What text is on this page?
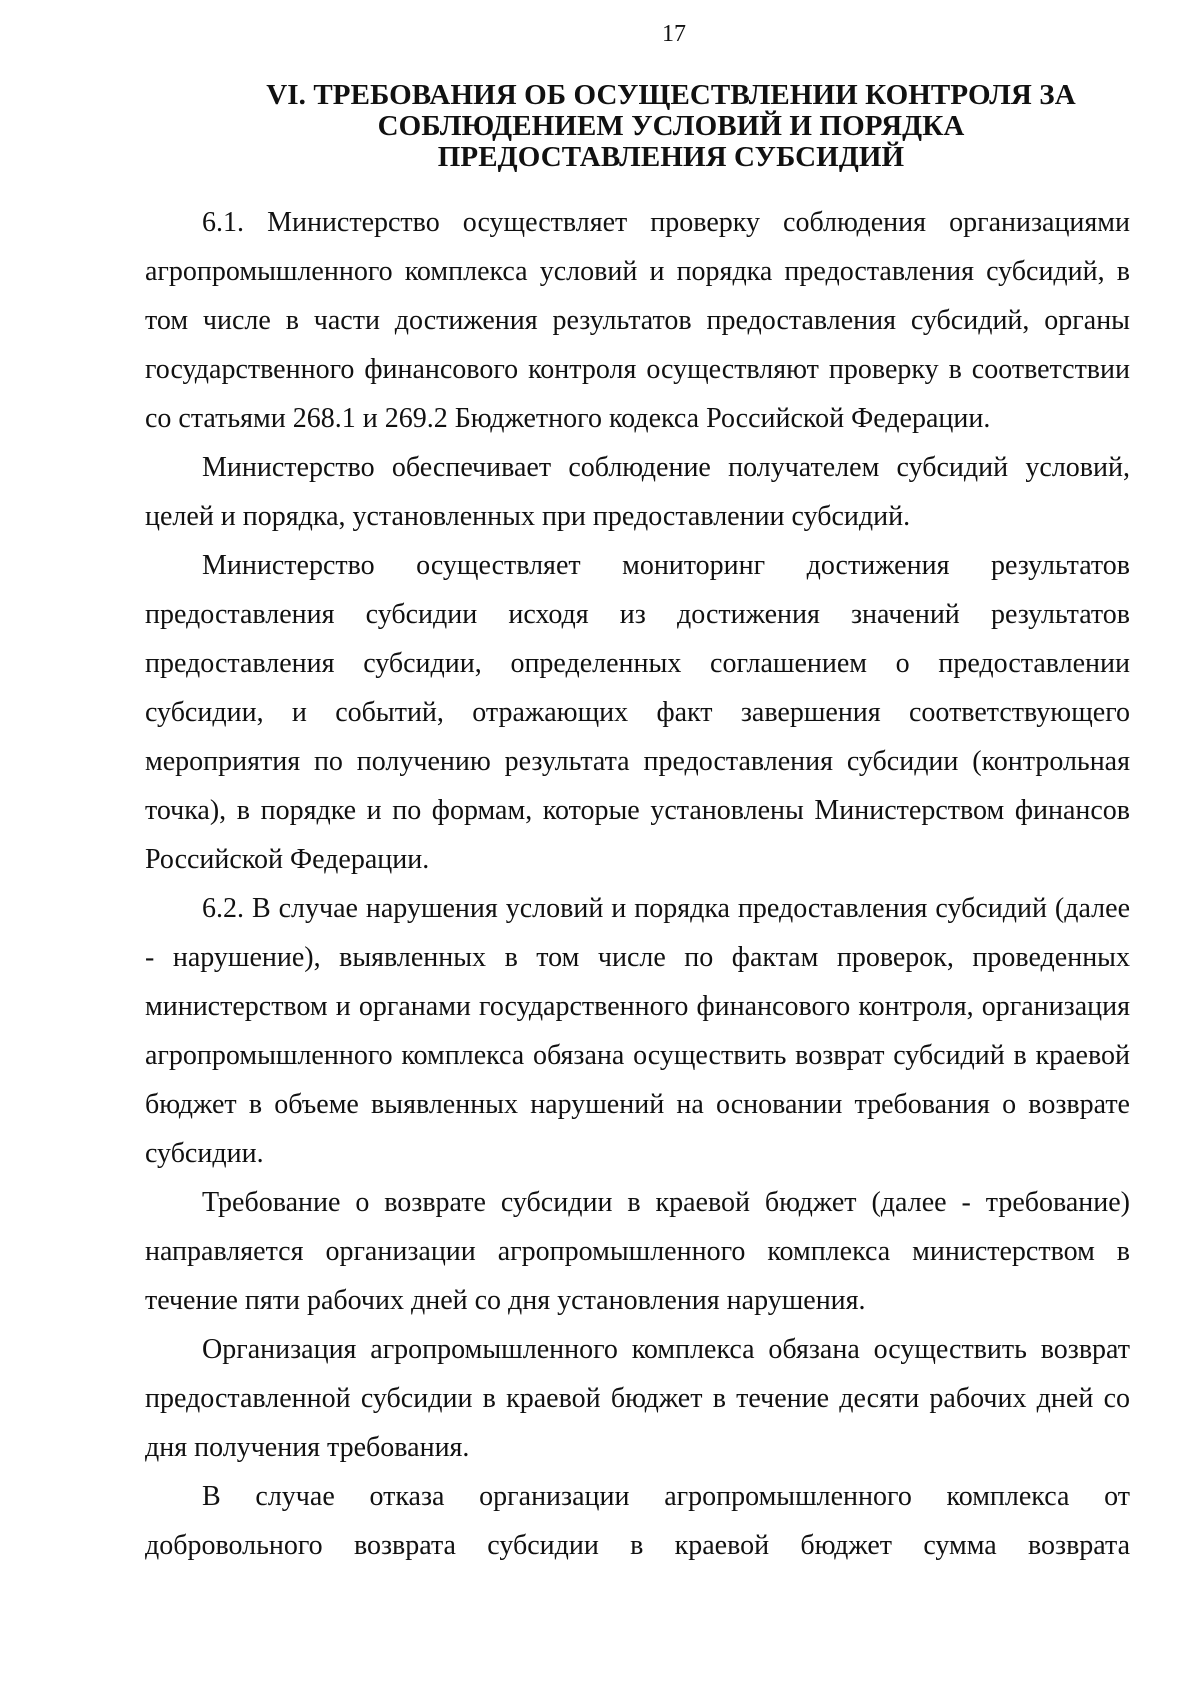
17
VI. ТРЕБОВАНИЯ ОБ ОСУЩЕСТВЛЕНИИ КОНТРОЛЯ ЗА
СОБЛЮДЕНИЕМ УСЛОВИЙ И ПОРЯДКА
ПРЕДОСТАВЛЕНИЯ СУБСИДИЙ

6.1. Министерство осуществляет проверку соблюдения организациями агропромышленного комплекса условий и порядка предоставления субсидий, в том числе в части достижения результатов предоставления субсидий, органы государственного финансового контроля осуществляют проверку в соответствии со статьями 268.1 и 269.2 Бюджетного кодекса Российской Федерации.

Министерство обеспечивает соблюдение получателем субсидий условий, целей и порядка, установленных при предоставлении субсидий.

Министерство осуществляет мониторинг достижения результатов предоставления субсидии исходя из достижения значений результатов предоставления субсидии, определенных соглашением о предоставлении субсидии, и событий, отражающих факт завершения соответствующего мероприятия по получению результата предоставления субсидии (контрольная точка), в порядке и по формам, которые установлены Министерством финансов Российской Федерации.

6.2. В случае нарушения условий и порядка предоставления субсидий (далее - нарушение), выявленных в том числе по фактам проверок, проведенных министерством и органами государственного финансового контроля, организация агропромышленного комплекса обязана осуществить возврат субсидий в краевой бюджет в объеме выявленных нарушений на основании требования о возврате субсидии.

Требование о возврате субсидии в краевой бюджет (далее - требование) направляется организации агропромышленного комплекса министерством в течение пяти рабочих дней со дня установления нарушения.

Организация агропромышленного комплекса обязана осуществить возврат предоставленной субсидии в краевой бюджет в течение десяти рабочих дней со дня получения требования.

В случае отказа организации агропромышленного комплекса от добровольного возврата субсидии в краевой бюджет сумма возврата
